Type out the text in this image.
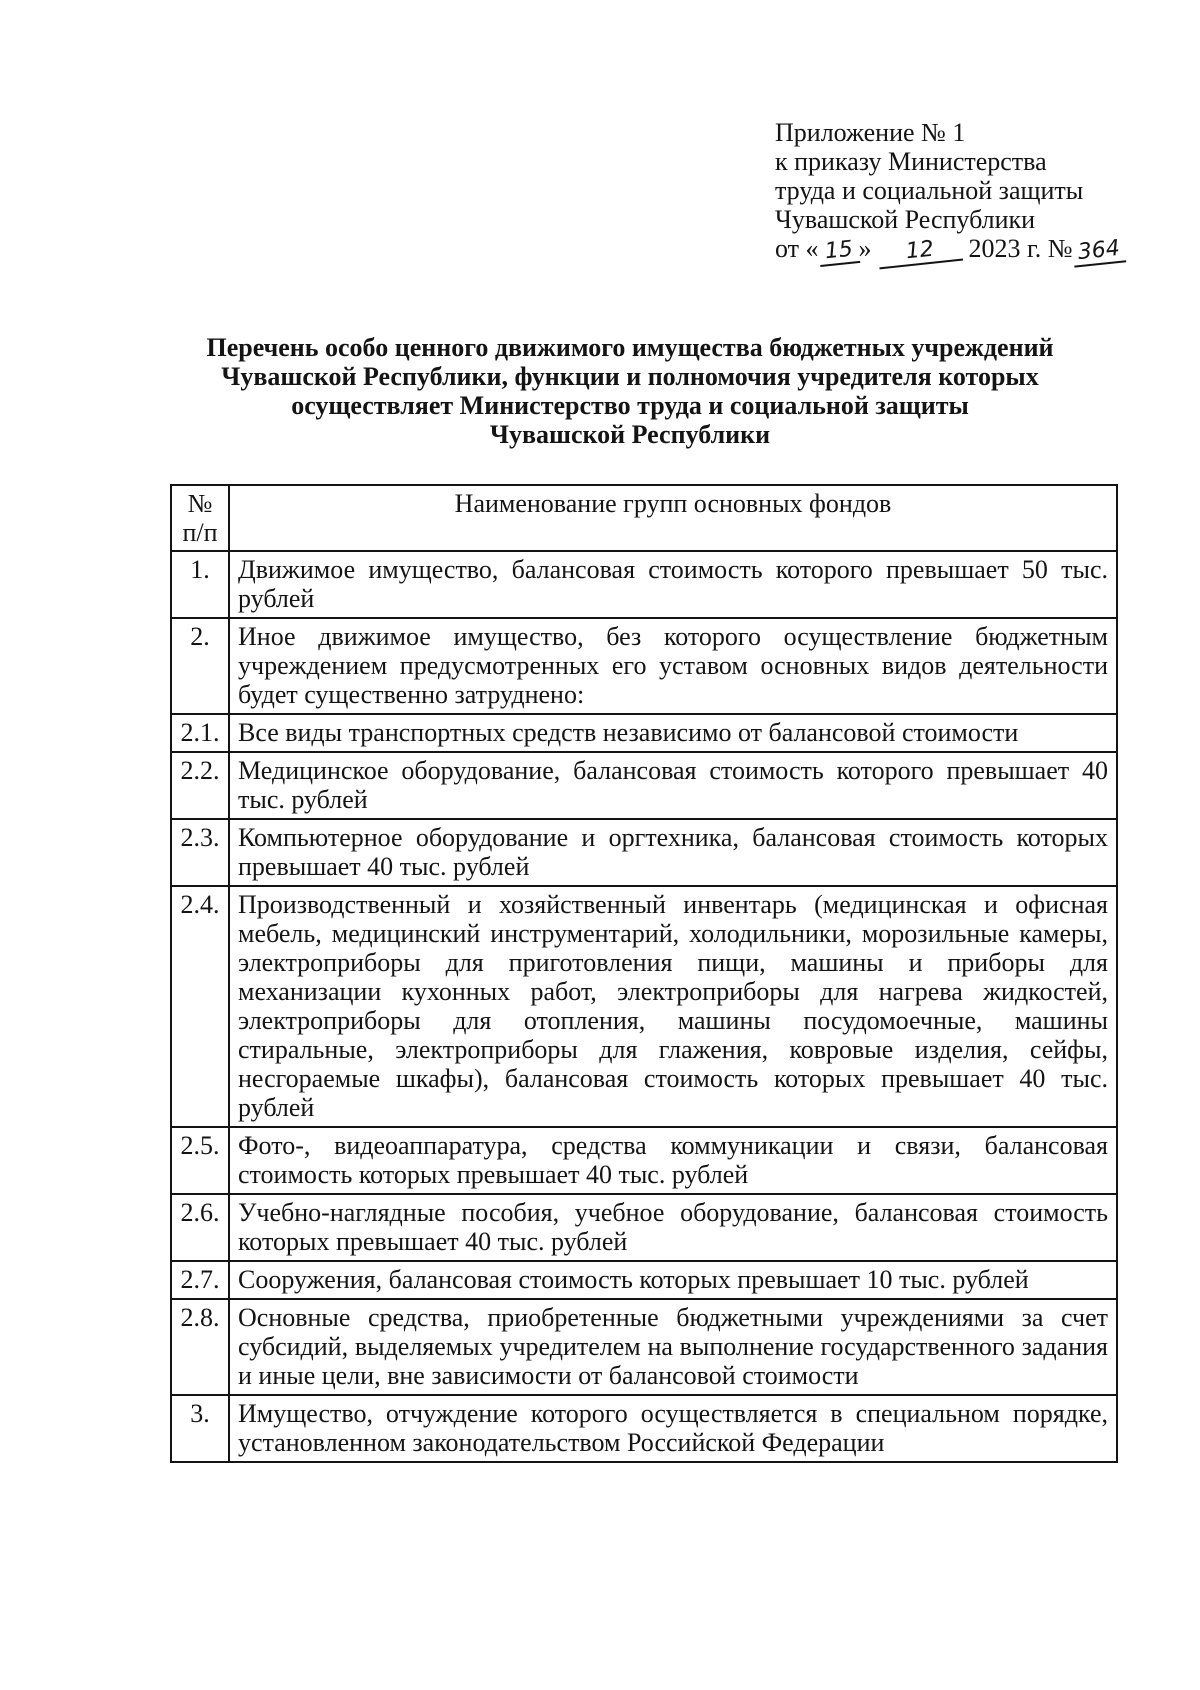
Приложение № 1
к приказу Министерства
труда и социальной защиты
Чувашской Республики
от « 15 » 12 2023 г. № 364
Перечень особо ценного движимого имущества бюджетных учреждений
Чувашской Республики, функции и полномочия учредителя которых
осуществляет Министерство труда и социальной защиты
Чувашской Республики
№ п/п	Наименование групп основных фондов
1.	Движимое имущество, балансовая стоимость которого превышает 50 тыс. рублей
2.	Иное движимое имущество, без которого осуществление бюджетным учреждением предусмотренных его уставом основных видов деятельности будет существенно затруднено:
2.1.	Все виды транспортных средств независимо от балансовой стоимости
2.2.	Медицинское оборудование, балансовая стоимость которого превышает 40 тыс. рублей
2.3.	Компьютерное оборудование и оргтехника, балансовая стоимость которых превышает 40 тыс. рублей
2.4.	Производственный и хозяйственный инвентарь (медицинская и офисная мебель, медицинский инструментарий, холодильники, морозильные камеры, электроприборы для приготовления пищи, машины и приборы для механизации кухонных работ, электроприборы для нагрева жидкостей, электроприборы для отопления, машины посудомоечные, машины стиральные, электроприборы для глажения, ковровые изделия, сейфы, несгораемые шкафы), балансовая стоимость которых превышает 40 тыс. рублей
2.5.	Фото-, видеоаппаратура, средства коммуникации и связи, балансовая стоимость которых превышает 40 тыс. рублей
2.6.	Учебно-наглядные пособия, учебное оборудование, балансовая стоимость которых превышает 40 тыс. рублей
2.7.	Сооружения, балансовая стоимость которых превышает 10 тыс. рублей
2.8.	Основные средства, приобретенные бюджетными учреждениями за счет субсидий, выделяемых учредителем на выполнение государственного задания и иные цели, вне зависимости от балансовой стоимости
3.	Имущество, отчуждение которого осуществляется в специальном порядке, установленном законодательством Российской Федерации
